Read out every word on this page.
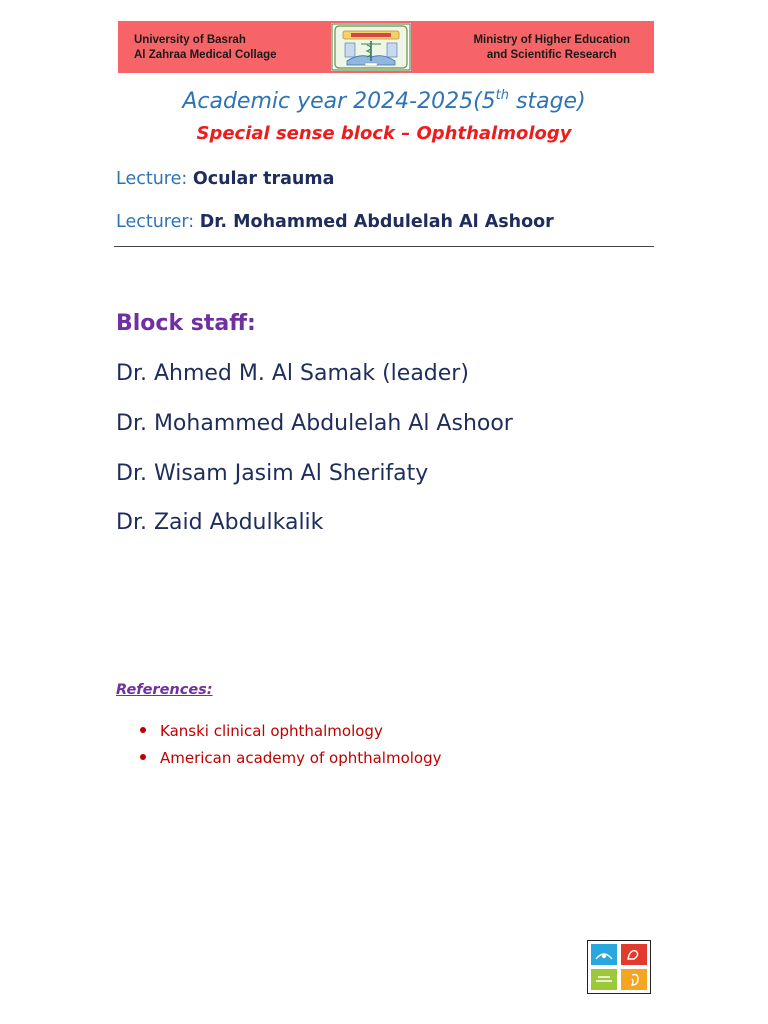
University of Basrah
Al Zahraa Medical Collage
Ministry of Higher Education
and Scientific Research
Academic year 2024-2025(5th stage)
Special sense block – Ophthalmology
Lecture: Ocular trauma
Lecturer: Dr. Mohammed Abdulelah Al Ashoor
Block staff:
Dr. Ahmed M. Al Samak (leader)
Dr. Mohammed Abdulelah Al Ashoor
Dr. Wisam Jasim Al Sherifaty
Dr. Zaid Abdulkalik
References:
Kanski clinical ophthalmology
American academy of ophthalmology
